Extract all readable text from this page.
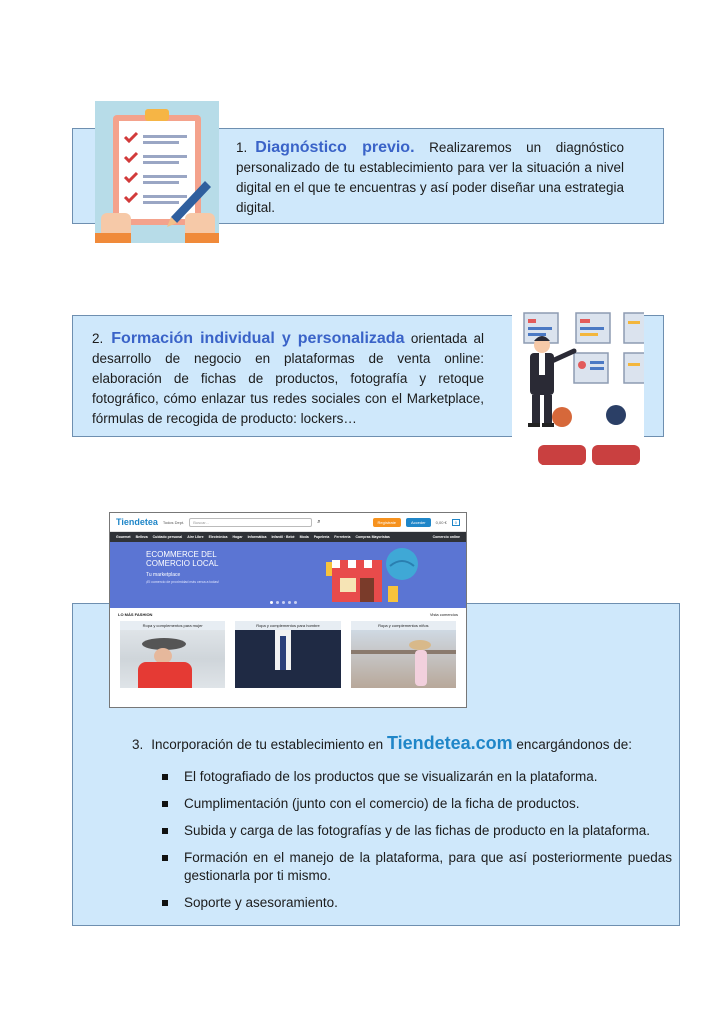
1. Diagnóstico previo. Realizaremos un diagnóstico personalizado de tu establecimiento para ver la situación a nivel digital en el que te encuentras y así poder diseñar una estrategia digital.
2. Formación individual y personalizada orientada al desarrollo de negocio en plataformas de venta online: elaboración de fichas de productos, fotografía y retoque fotográfico, cómo enlazar tus redes sociales con el Marketplace, fórmulas de recogida de producto: lockers…
Tiendetea Todos Dept.	Buscar...	⌕	Regístrate	Acceder	0,00 €	0
Gourmet Belleza Cuidado personal Aire Libre Electrónica Hogar Informática Infantil · Bebé Moda Papelería Ferretería Compras Mayoristas	Comercio online
ECOMMERCE DEL
COMERCIO LOCAL
Tu marketplace
¡El comercio de proximidad más cerca a todas!
LO MÁS FASHION	Vista comercios
Ropa y complementos para mujer	Ropa y complementos para hombre	Ropa y complementos niños
3. Incorporación de tu establecimiento en Tiendetea.com encargándonos de:
El fotografiado de los productos que se visualizarán en la plataforma.
Cumplimentación (junto con el comercio) de la ficha de productos.
Subida y carga de las fotografías y de las fichas de producto en la plataforma.
Formación en el manejo de la plataforma, para que así posteriormente puedas gestionarla por ti mismo.
Soporte y asesoramiento.
